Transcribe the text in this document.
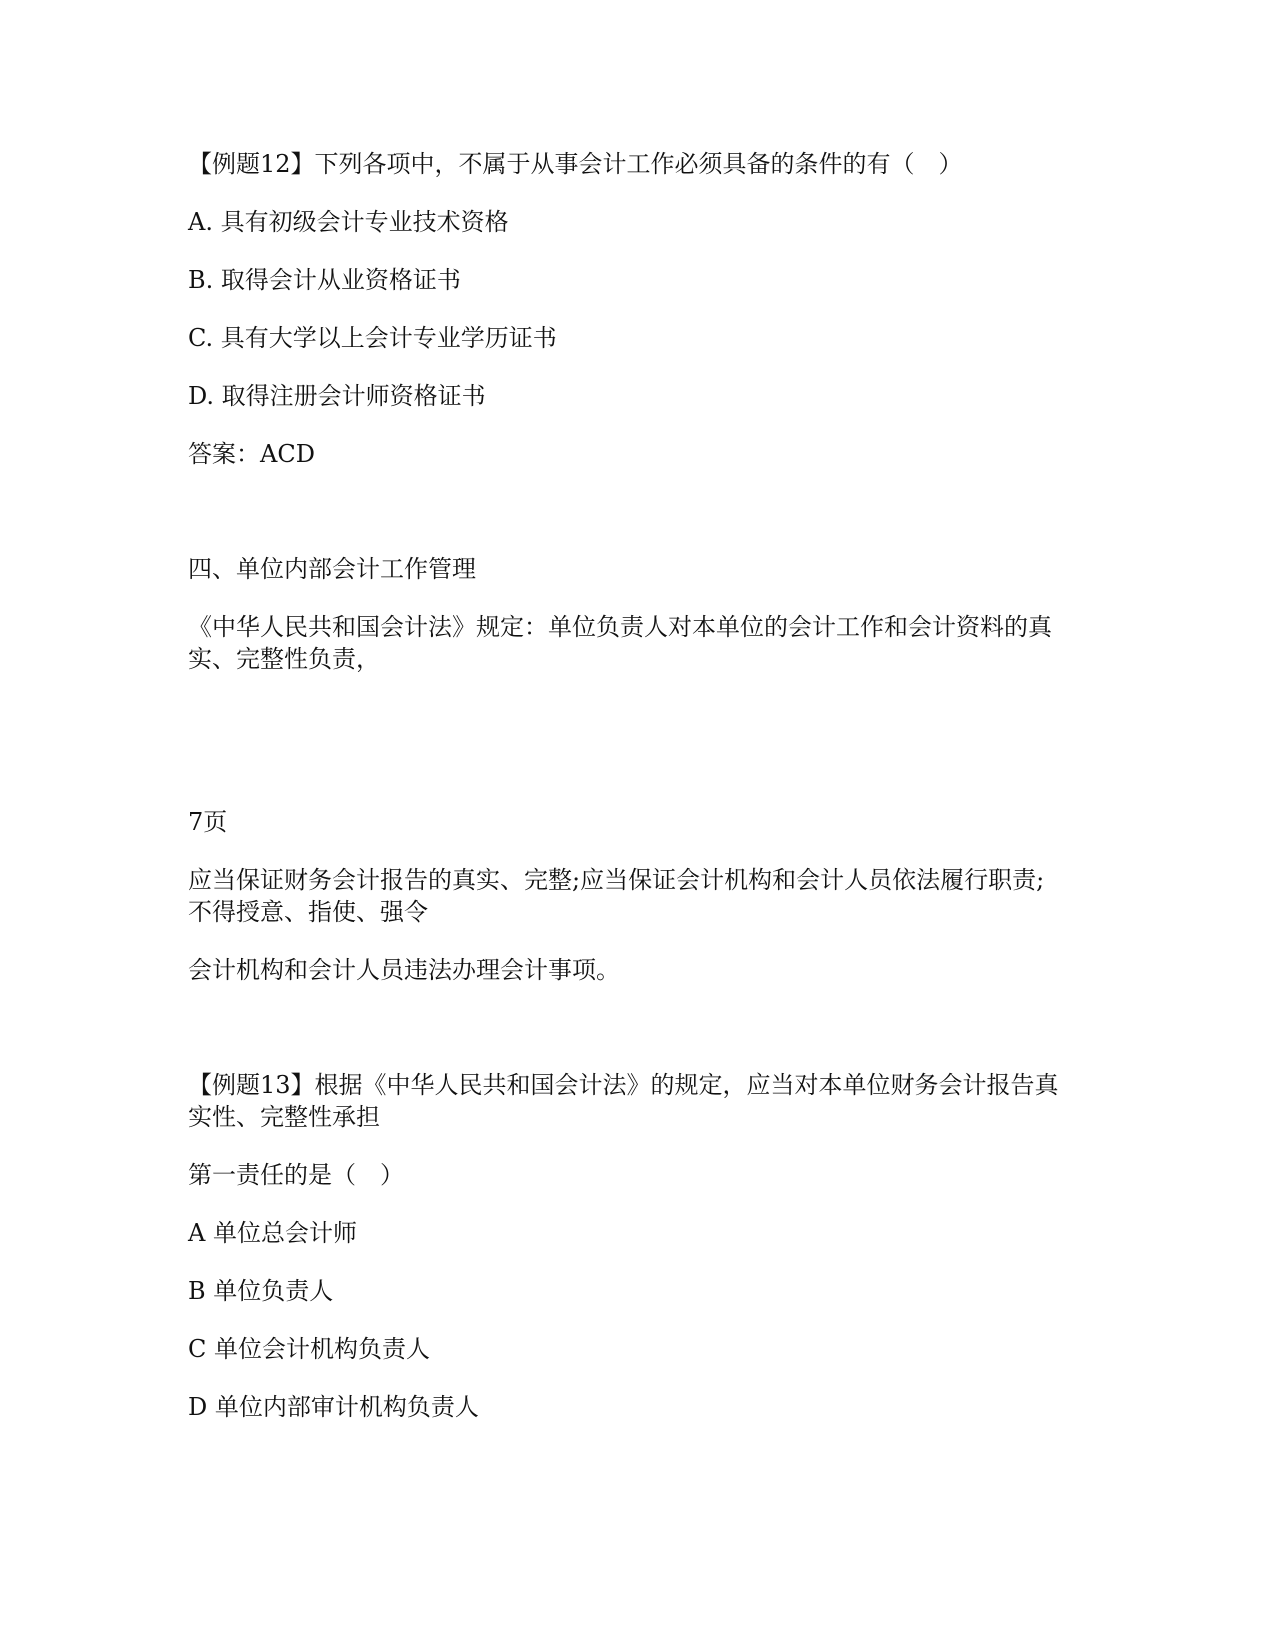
【例题12】下列各项中，不属于从事会计工作必须具备的条件的有（　）
A. 具有初级会计专业技术资格
B. 取得会计从业资格证书
C. 具有大学以上会计专业学历证书
D. 取得注册会计师资格证书
答案：ACD
四、单位内部会计工作管理
《中华人民共和国会计法》规定：单位负责人对本单位的会计工作和会计资料的真
实、完整性负责，
7页
应当保证财务会计报告的真实、完整;应当保证会计机构和会计人员依法履行职责;
不得授意、指使、强令
会计机构和会计人员违法办理会计事项。
【例题13】根据《中华人民共和国会计法》的规定，应当对本单位财务会计报告真
实性、完整性承担
第一责任的是（　）
A 单位总会计师
B 单位负责人
C 单位会计机构负责人
D 单位内部审计机构负责人
